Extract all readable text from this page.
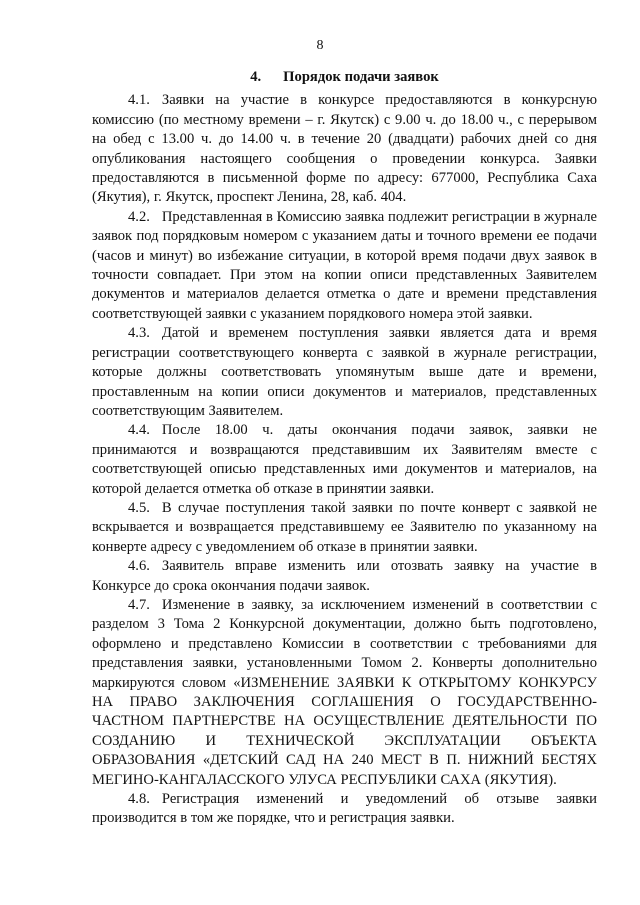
8
4. Порядок подачи заявок

4.1. Заявки на участие в конкурсе предоставляются в конкурсную комиссию (по местному времени – г. Якутск) с 9.00 ч. до 18.00 ч., с перерывом на обед с 13.00 ч. до 14.00 ч. в течение 20 (двадцати) рабочих дней со дня опубликования настоящего сообщения о проведении конкурса. Заявки предоставляются в письменной форме по адресу: 677000, Республика Саха (Якутия), г. Якутск, проспект Ленина, 28, каб. 404.

4.2. Представленная в Комиссию заявка подлежит регистрации в журнале заявок под порядковым номером с указанием даты и точного времени ее подачи (часов и минут) во избежание ситуации, в которой время подачи двух заявок в точности совпадает. При этом на копии описи представленных Заявителем документов и материалов делается отметка о дате и времени представления соответствующей заявки с указанием порядкового номера этой заявки.

4.3. Датой и временем поступления заявки является дата и время регистрации соответствующего конверта с заявкой в журнале регистрации, которые должны соответствовать упомянутым выше дате и времени, проставленным на копии описи документов и материалов, представленных соответствующим Заявителем.

4.4. После 18.00 ч. даты окончания подачи заявок, заявки не принимаются и возвращаются представившим их Заявителям вместе с соответствующей описью представленных ими документов и материалов, на которой делается отметка об отказе в принятии заявки.

4.5. В случае поступления такой заявки по почте конверт с заявкой не вскрывается и возвращается представившему ее Заявителю по указанному на конверте адресу с уведомлением об отказе в принятии заявки.

4.6. Заявитель вправе изменить или отозвать заявку на участие в Конкурсе до срока окончания подачи заявок.

4.7. Изменение в заявку, за исключением изменений в соответствии с разделом 3 Тома 2 Конкурсной документации, должно быть подготовлено, оформлено и представлено Комиссии в соответствии с требованиями для представления заявки, установленными Томом 2. Конверты дополнительно маркируются словом «ИЗМЕНЕНИЕ ЗАЯВКИ К ОТКРЫТОМУ КОНКУРСУ НА ПРАВО ЗАКЛЮЧЕНИЯ СОГЛАШЕНИЯ О ГОСУДАРСТВЕННО-ЧАСТНОМ ПАРТНЕРСТВЕ НА ОСУЩЕСТВЛЕНИЕ ДЕЯТЕЛЬНОСТИ ПО СОЗДАНИЮ И ТЕХНИЧЕСКОЙ ЭКСПЛУАТАЦИИ ОБЪЕКТА ОБРАЗОВАНИЯ «ДЕТСКИЙ САД НА 240 МЕСТ В П. НИЖНИЙ БЕСТЯХ МЕГИНО-КАНГАЛАССКОГО УЛУСА РЕСПУБЛИКИ САХА (ЯКУТИЯ).

4.8. Регистрация изменений и уведомлений об отзыве заявки производится в том же порядке, что и регистрация заявки.
